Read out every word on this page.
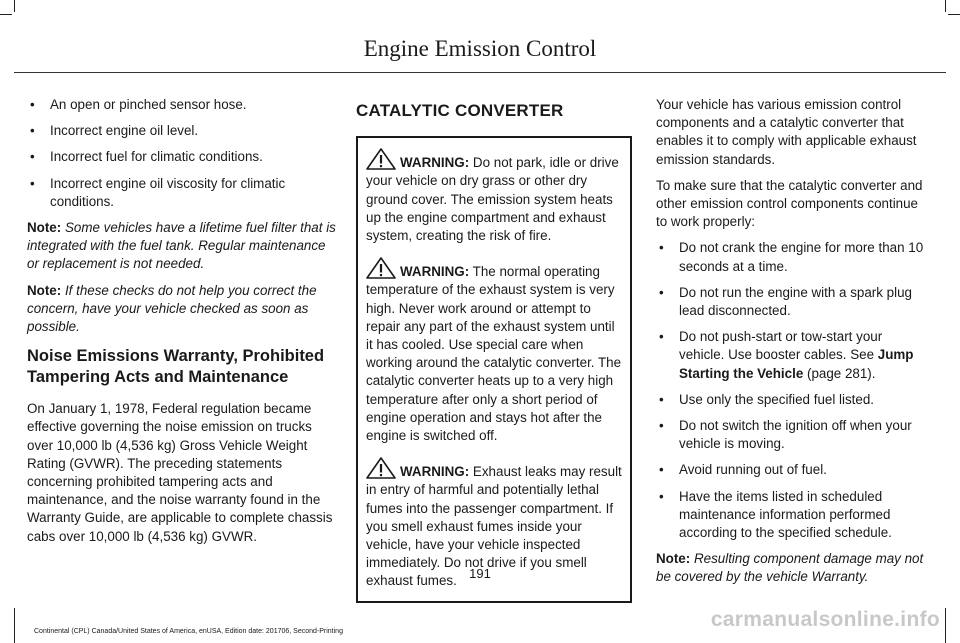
Engine Emission Control
• An open or pinched sensor hose.
• Incorrect engine oil level.
• Incorrect fuel for climatic conditions.
• Incorrect engine oil viscosity for climatic conditions.

Note: Some vehicles have a lifetime fuel filter that is integrated with the fuel tank. Regular maintenance or replacement is not needed.

Note: If these checks do not help you correct the concern, have your vehicle checked as soon as possible.

Noise Emissions Warranty, Prohibited Tampering Acts and Maintenance

On January 1, 1978, Federal regulation became effective governing the noise emission on trucks over 10,000 lb (4,536 kg) Gross Vehicle Weight Rating (GVWR). The preceding statements concerning prohibited tampering acts and maintenance, and the noise warranty found in the Warranty Guide, are applicable to complete chassis cabs over 10,000 lb (4,536 kg) GVWR.

CATALYTIC CONVERTER
WARNING: Do not park, idle or drive your vehicle on dry grass or other dry ground cover. The emission system heats up the engine compartment and exhaust system, creating the risk of fire.
WARNING: The normal operating temperature of the exhaust system is very high. Never work around or attempt to repair any part of the exhaust system until it has cooled. Use special care when working around the catalytic converter. The catalytic converter heats up to a very high temperature after only a short period of engine operation and stays hot after the engine is switched off.
WARNING: Exhaust leaks may result in entry of harmful and potentially lethal fumes into the passenger compartment. If you smell exhaust fumes inside your vehicle, have your vehicle inspected immediately. Do not drive if you smell exhaust fumes.

Your vehicle has various emission control components and a catalytic converter that enables it to comply with applicable exhaust emission standards.

To make sure that the catalytic converter and other emission control components continue to work properly:

• Do not crank the engine for more than 10 seconds at a time.
• Do not run the engine with a spark plug lead disconnected.
• Do not push-start or tow-start your vehicle. Use booster cables. See Jump Starting the Vehicle (page 281).
• Use only the specified fuel listed.
• Do not switch the ignition off when your vehicle is moving.
• Avoid running out of fuel.
• Have the items listed in scheduled maintenance information performed according to the specified schedule.

Note: Resulting component damage may not be covered by the vehicle Warranty.

191
Continental (CPL) Canada/United States of America, enUSA, Edition date: 201706, Second-Printing
carmanualsonline.info
